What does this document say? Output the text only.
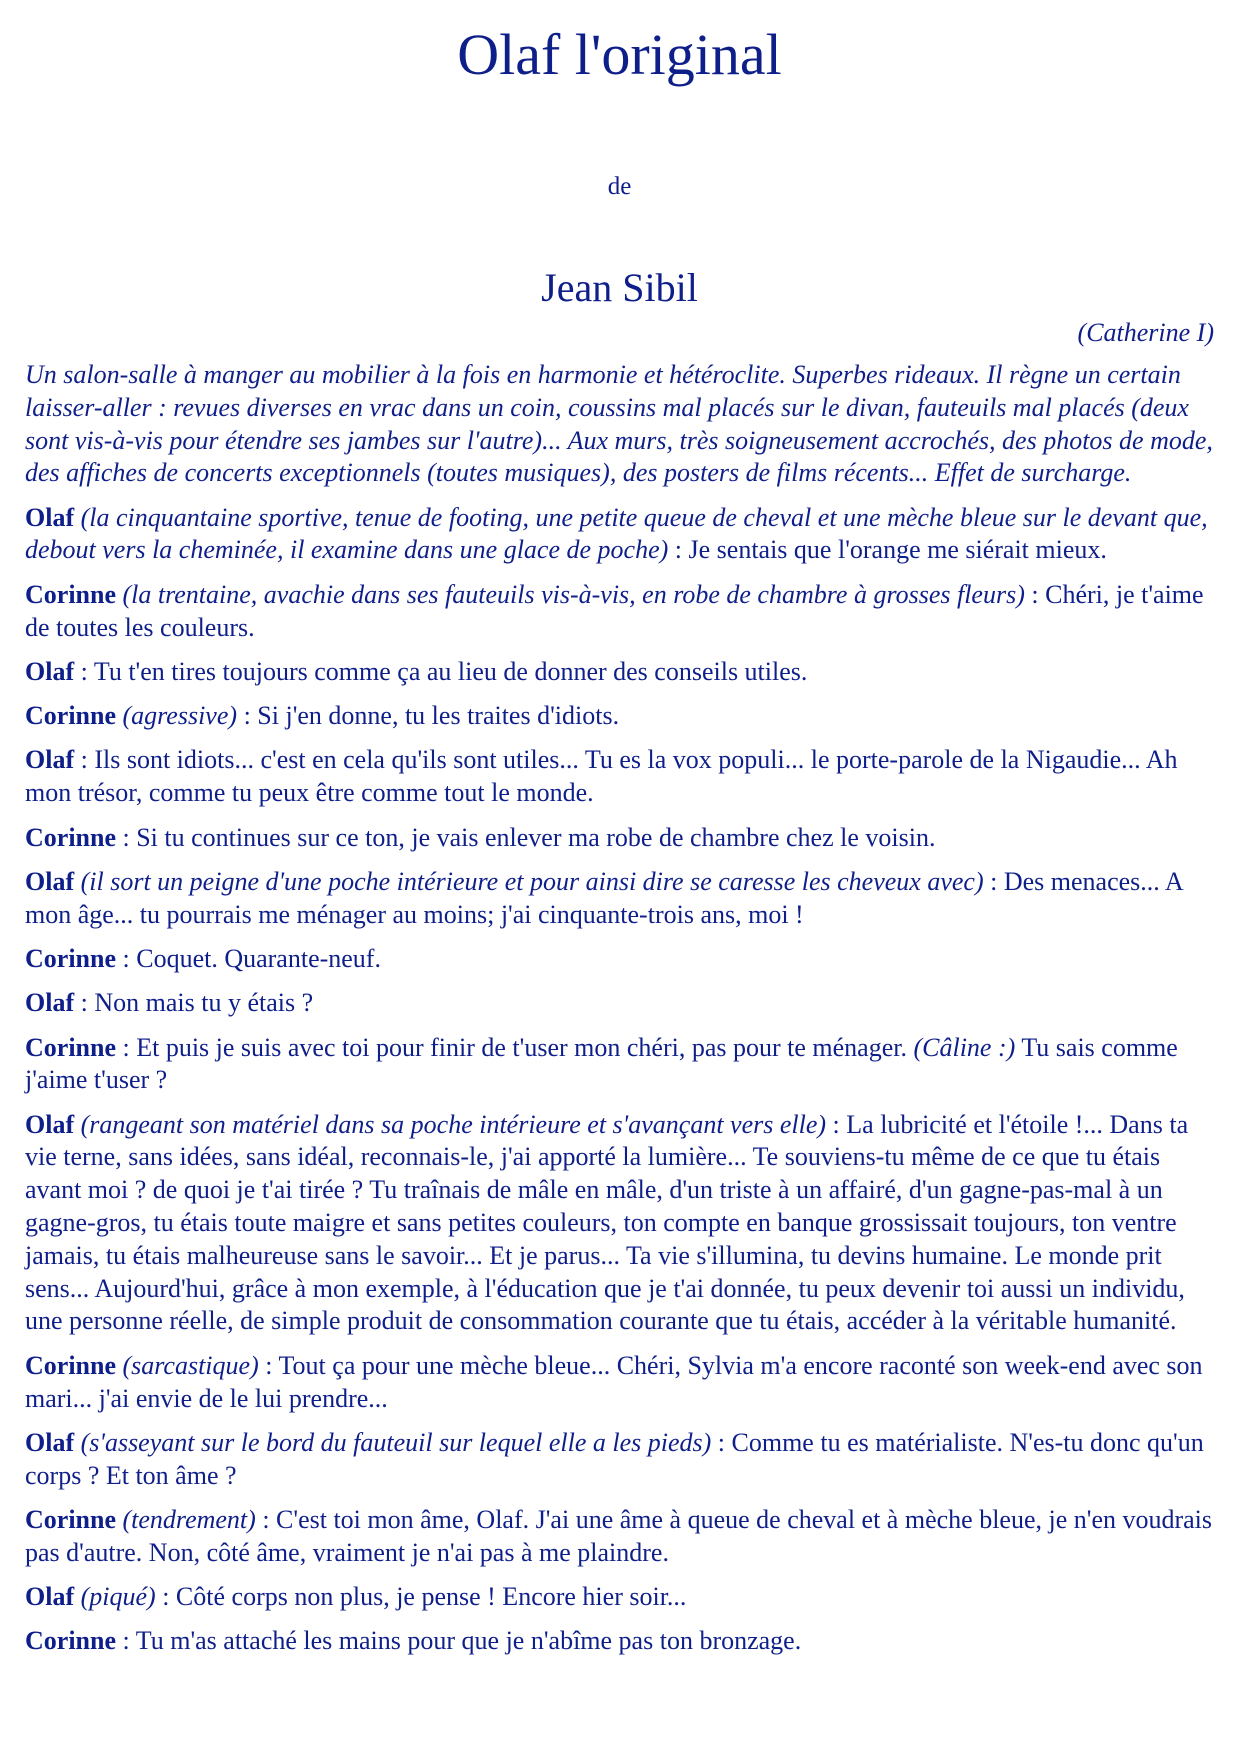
Olaf l'original
de
Jean Sibil
(Catherine I)

Un salon-salle à manger au mobilier à la fois en harmonie et hétéroclite. Superbes rideaux. Il règne un certain laisser-aller : revues diverses en vrac dans un coin, coussins mal placés sur le divan, fauteuils mal placés (deux sont vis-à-vis pour étendre ses jambes sur l'autre)... Aux murs, très soigneusement accrochés, des photos de mode, des affiches de concerts exceptionnels (toutes musiques), des posters de films récents... Effet de surcharge.

Olaf (la cinquantaine sportive, tenue de footing, une petite queue de cheval et une mèche bleue sur le devant que, debout vers la cheminée, il examine dans une glace de poche) : Je sentais que l'orange me siérait mieux.

Corinne (la trentaine, avachie dans ses fauteuils vis-à-vis, en robe de chambre à grosses fleurs) : Chéri, je t'aime de toutes les couleurs.

Olaf : Tu t'en tires toujours comme ça au lieu de donner des conseils utiles.

Corinne (agressive) : Si j'en donne, tu les traites d'idiots.

Olaf : Ils sont idiots... c'est en cela qu'ils sont utiles... Tu es la vox populi... le porte-parole de la Nigaudie... Ah mon trésor, comme tu peux être comme tout le monde.

Corinne : Si tu continues sur ce ton, je vais enlever ma robe de chambre chez le voisin.

Olaf (il sort un peigne d'une poche intérieure et pour ainsi dire se caresse les cheveux avec) : Des menaces... A mon âge... tu pourrais me ménager au moins; j'ai cinquante-trois ans, moi !

Corinne : Coquet. Quarante-neuf.

Olaf : Non mais tu y étais ?

Corinne : Et puis je suis avec toi pour finir de t'user mon chéri, pas pour te ménager. (Câline :) Tu sais comme j'aime t'user ?

Olaf (rangeant son matériel dans sa poche intérieure et s'avançant vers elle) : La lubricité et l'étoile !... Dans ta vie terne, sans idées, sans idéal, reconnais-le, j'ai apporté la lumière... Te souviens-tu même de ce que tu étais avant moi ? de quoi je t'ai tirée ? Tu traînais de mâle en mâle, d'un triste à un affairé, d'un gagne-pas-mal à un gagne-gros, tu étais toute maigre et sans petites couleurs, ton compte en banque grossissait toujours, ton ventre jamais, tu étais malheureuse sans le savoir... Et je parus... Ta vie s'illumina, tu devins humaine. Le monde prit sens... Aujourd'hui, grâce à mon exemple, à l'éducation que je t'ai donnée, tu peux devenir toi aussi un individu, une personne réelle, de simple produit de consommation courante que tu étais, accéder à la véritable humanité.

Corinne (sarcastique) : Tout ça pour une mèche bleue... Chéri, Sylvia m'a encore raconté son week-end avec son mari... j'ai envie de le lui prendre...

Olaf (s'asseyant sur le bord du fauteuil sur lequel elle a les pieds) : Comme tu es matérialiste. N'es-tu donc qu'un corps ? Et ton âme ?

Corinne (tendrement) : C'est toi mon âme, Olaf. J'ai une âme à queue de cheval et à mèche bleue, je n'en voudrais pas d'autre. Non, côté âme, vraiment je n'ai pas à me plaindre.

Olaf (piqué) : Côté corps non plus, je pense ! Encore hier soir...

Corinne : Tu m'as attaché les mains pour que je n'abîme pas ton bronzage.
